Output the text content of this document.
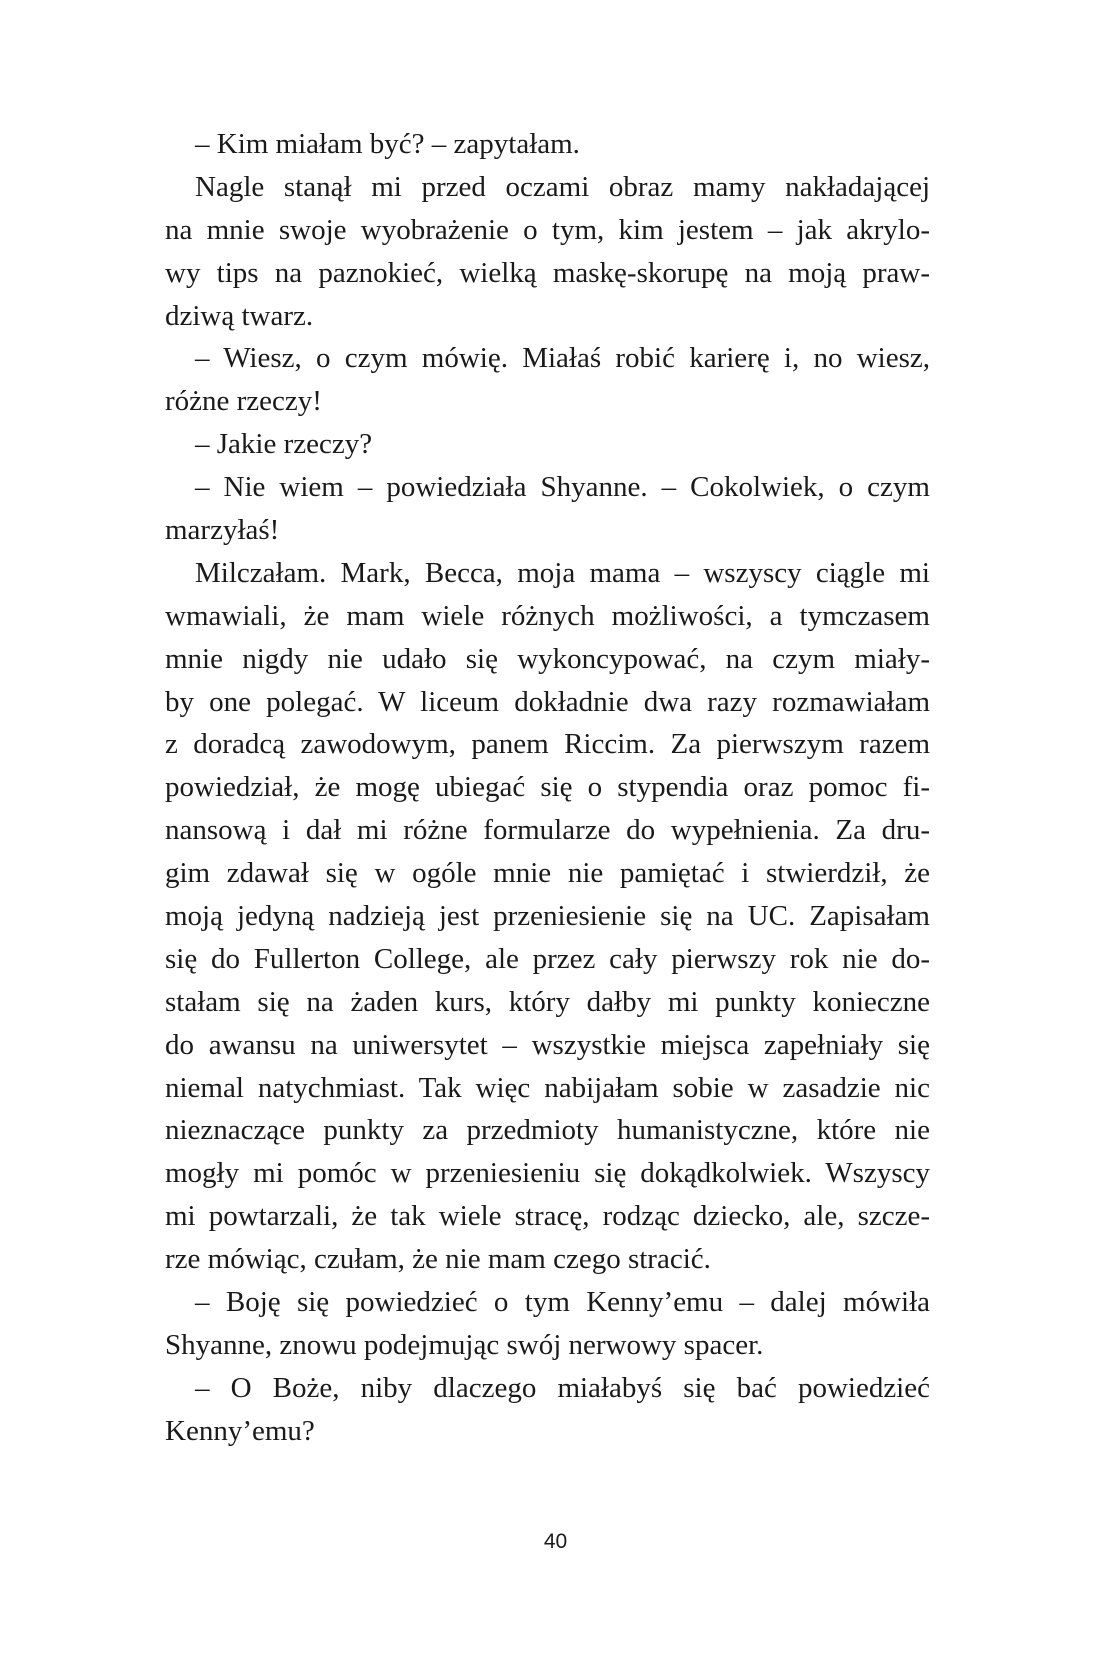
– Kim miałam być? – zapytałam.
Nagle stanął mi przed oczami obraz mamy nakładającej
na mnie swoje wyobrażenie o tym, kim jestem – jak akrylo-
wy tips na paznokieć, wielką maskę-skorupę na moją praw-
dziwą twarz.
– Wiesz, o czym mówię. Miałaś robić karierę i, no wiesz,
różne rzeczy!
– Jakie rzeczy?
– Nie wiem – powiedziała Shyanne. – Cokolwiek, o czym
marzyłaś!
Milczałam. Mark, Becca, moja mama – wszyscy ciągle mi
wmawiali, że mam wiele różnych możliwości, a tymczasem
mnie nigdy nie udało się wykoncypować, na czym miały-
by one polegać. W liceum dokładnie dwa razy rozmawiałam
z doradcą zawodowym, panem Riccim. Za pierwszym razem
powiedział, że mogę ubiegać się o stypendia oraz pomoc fi-
nansową i dał mi różne formularze do wypełnienia. Za dru-
gim zdawał się w ogóle mnie nie pamiętać i stwierdził, że
moją jedyną nadzieją jest przeniesienie się na UC. Zapisałam
się do Fullerton College, ale przez cały pierwszy rok nie do-
stałam się na żaden kurs, który dałby mi punkty konieczne
do awansu na uniwersytet – wszystkie miejsca zapełniały się
niemal natychmiast. Tak więc nabijałam sobie w zasadzie nic
nieznaczące punkty za przedmioty humanistyczne, które nie
mogły mi pomóc w przeniesieniu się dokądkolwiek. Wszyscy
mi powtarzali, że tak wiele stracę, rodząc dziecko, ale, szcze-
rze mówiąc, czułam, że nie mam czego stracić.
– Boję się powiedzieć o tym Kenny’emu – dalej mówiła
Shyanne, znowu podejmując swój nerwowy spacer.
– O Boże, niby dlaczego miałabyś się bać powiedzieć
Kenny’emu?
40
